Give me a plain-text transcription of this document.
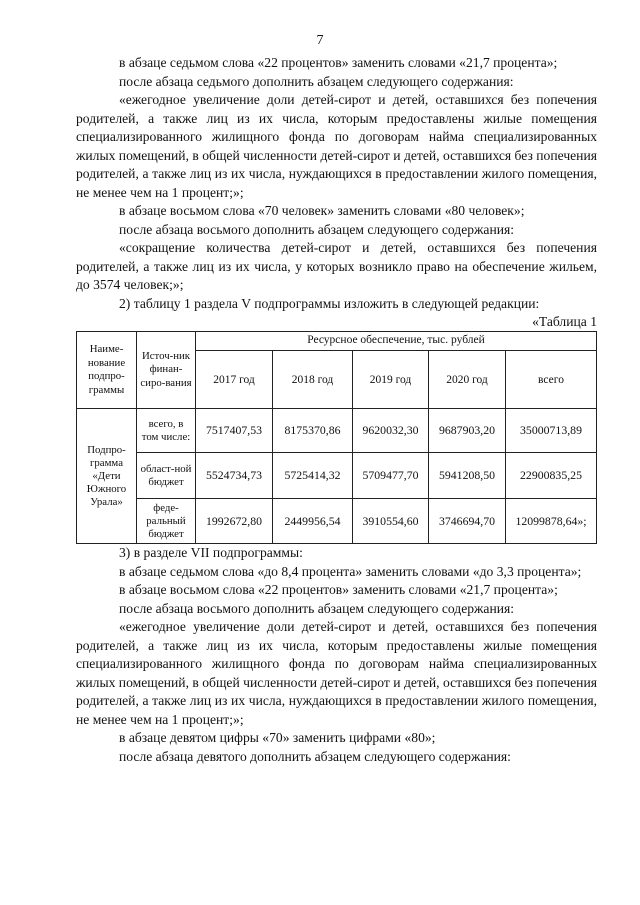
7

в абзаце седьмом слова «22 процентов» заменить словами «21,7 процента»;

после абзаца седьмого дополнить абзацем следующего содержания:

«ежегодное увеличение доли детей-сирот и детей, оставшихся без попечения родителей, а также лиц из их числа, которым предоставлены жилые помещения специализированного жилищного фонда по договорам найма специализированных жилых помещений, в общей численности детей-сирот и детей, оставшихся без попечения родителей, а также лиц из их числа, нуждающихся в предоставлении жилого помещения, не менее чем на 1 процент;»;

в абзаце восьмом слова «70 человек» заменить словами «80 человек»;

после абзаца восьмого дополнить абзацем следующего содержания:

«сокращение количества детей-сирот и детей, оставшихся без попечения родителей, а также лиц из их числа, у которых возникло право на обеспечение жильем, до 3574 человек;»;

2) таблицу 1 раздела V подпрограммы изложить в следующей редакции:

«Таблица 1

Наиме-нование подпро-граммы	Источ-ник финан-сиро-вания	Ресурсное обеспечение, тыс. рублей				
		2017 год	2018 год	2019 год	2020 год	всего
Подпро-грамма «Дети Южного Урала»	всего, в том числе:	7517407,53	8175370,86	9620032,30	9687903,20	35000713,89
	област-ной бюджет	5524734,73	5725414,32	5709477,70	5941208,50	22900835,25
	феде-ральный бюджет	1992672,80	2449956,54	3910554,60	3746694,70	12099878,64»;

3) в разделе VII подпрограммы:

в абзаце седьмом слова «до 8,4 процента» заменить словами «до 3,3 процента»;

в абзаце восьмом слова «22 процентов» заменить словами «21,7 процента»;

после абзаца восьмого дополнить абзацем следующего содержания:

«ежегодное увеличение доли детей-сирот и детей, оставшихся без попечения родителей, а также лиц из их числа, которым предоставлены жилые помещения специализированного жилищного фонда по договорам найма специализированных жилых помещений, в общей численности детей-сирот и детей, оставшихся без попечения родителей, а также лиц из их числа, нуждающихся в предоставлении жилого помещения, не менее чем на 1 процент;»;

в абзаце девятом цифры «70» заменить цифрами «80»;

после абзаца девятого дополнить абзацем следующего содержания:
